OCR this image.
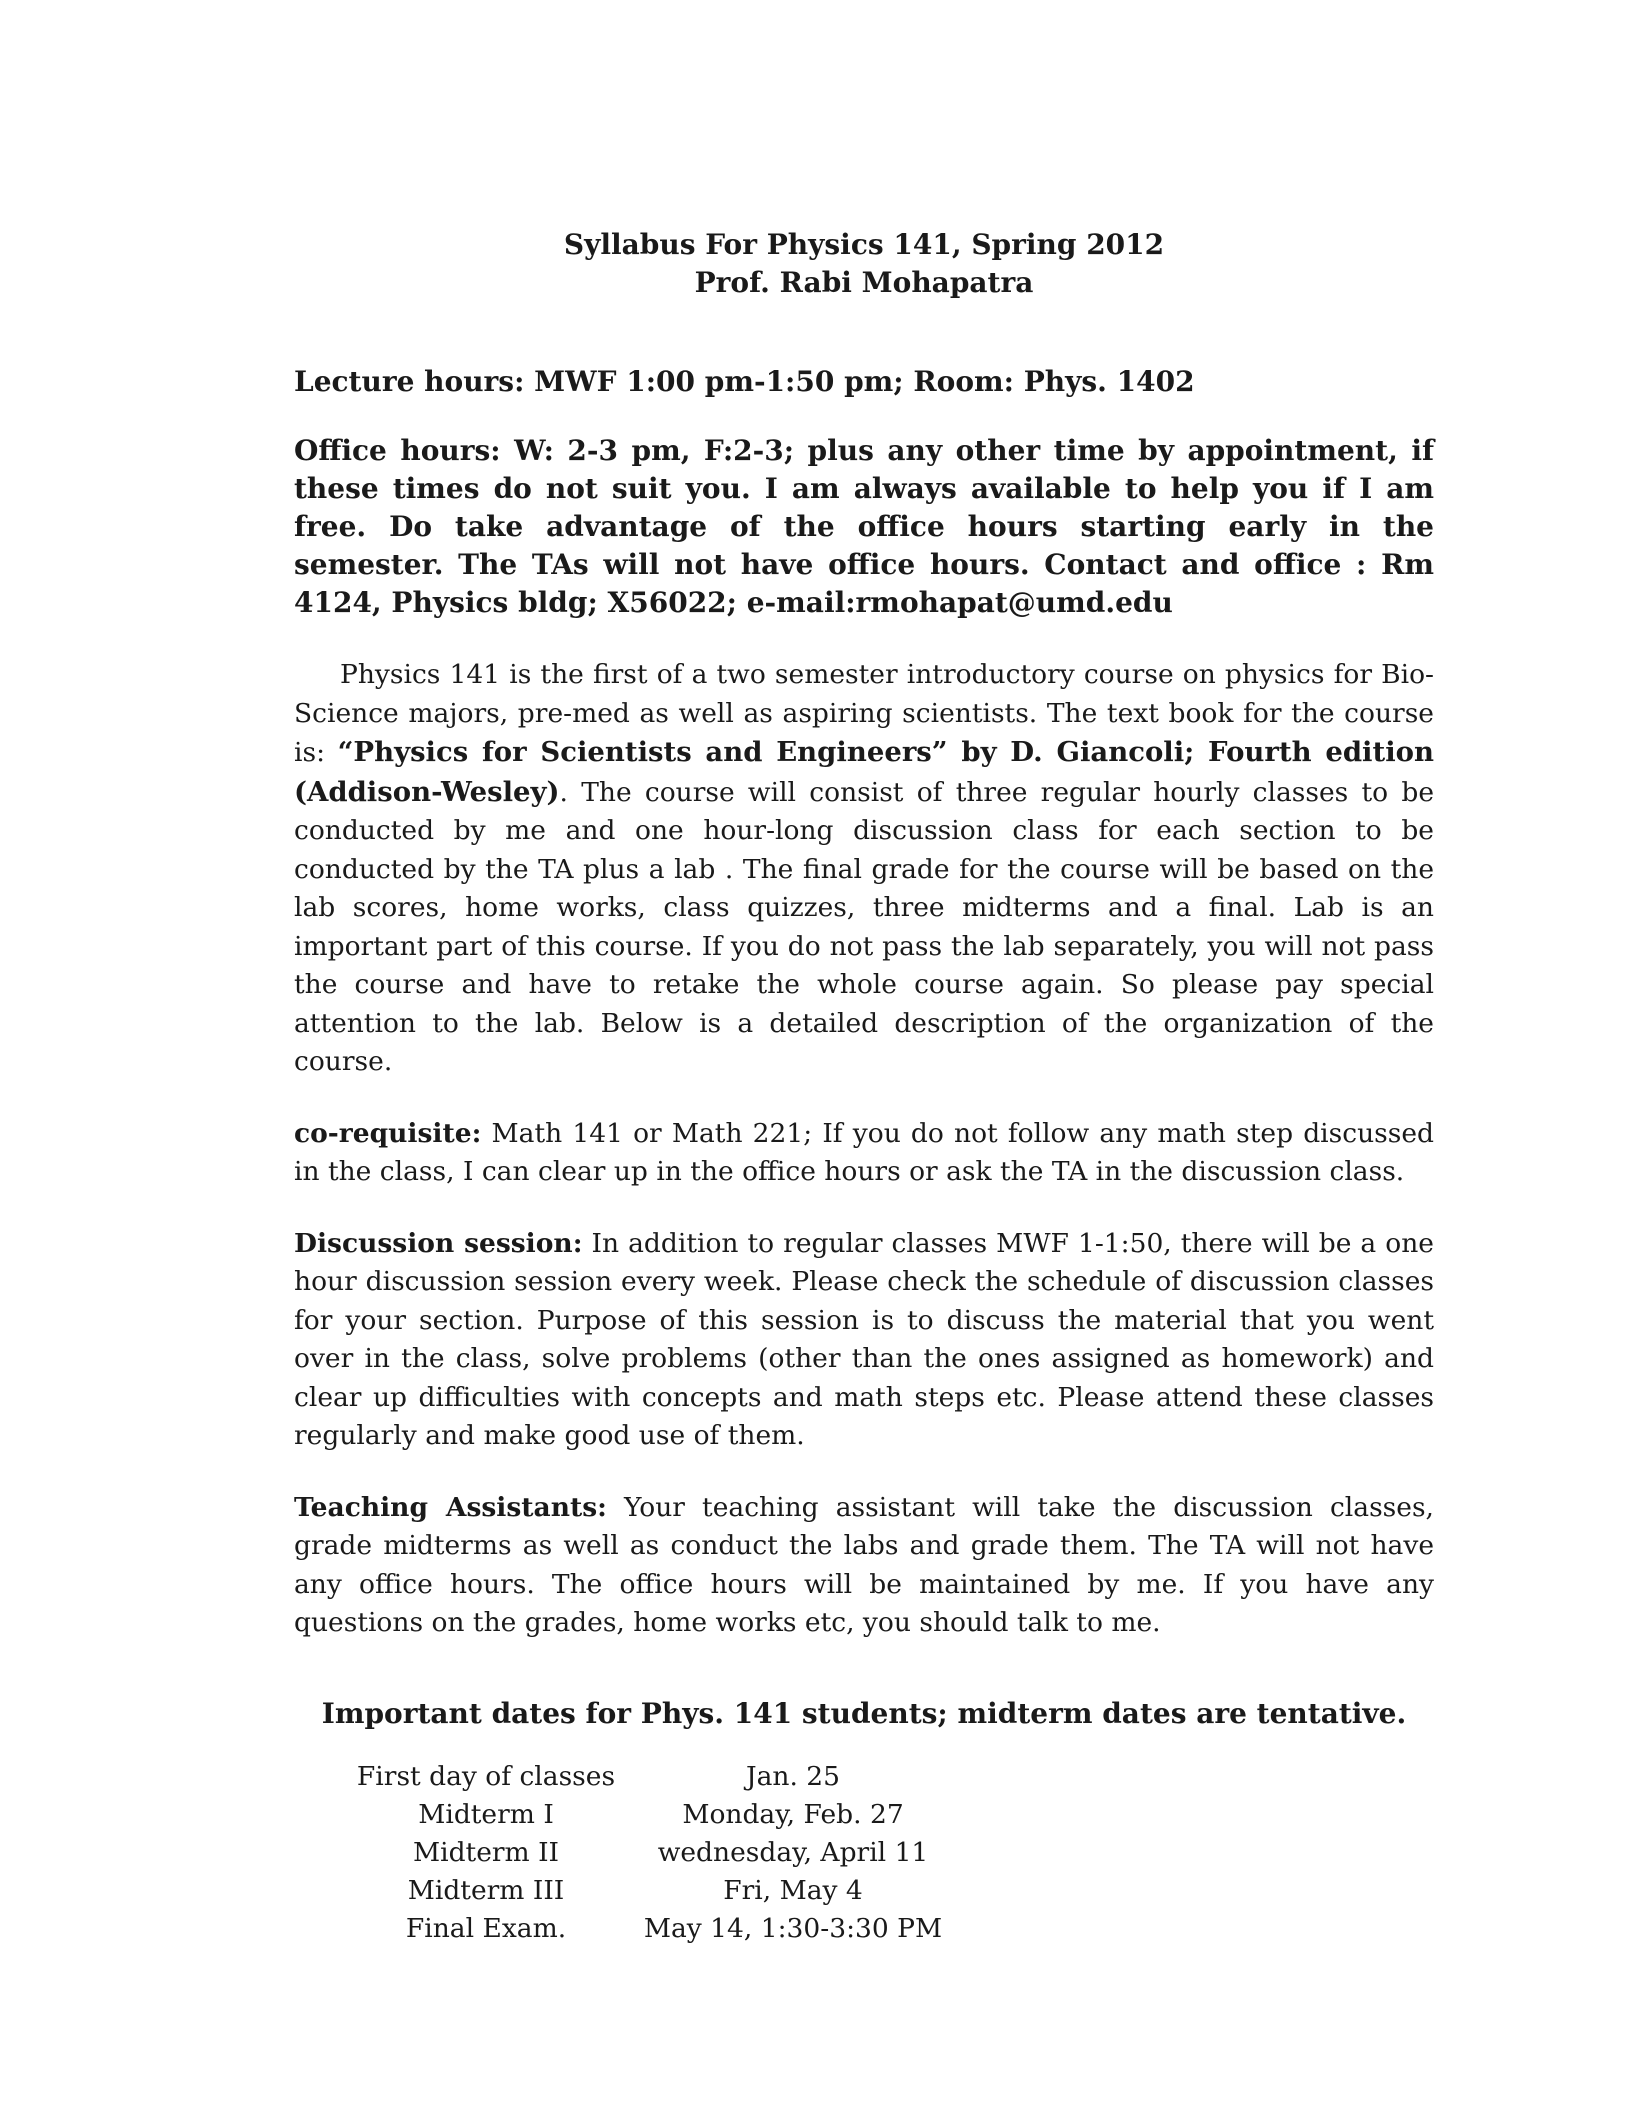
Syllabus For Physics 141, Spring 2012
Prof. Rabi Mohapatra
Lecture hours: MWF 1:00 pm-1:50 pm; Room: Phys. 1402
Office hours: W: 2-3 pm, F:2-3; plus any other time by appointment, if these times do not suit you. I am always available to help you if I am free. Do take advantage of the office hours starting early in the semester. The TAs will not have office hours. Contact and office : Rm 4124, Physics bldg; X56022; e-mail:rmohapat@umd.edu

Physics 141 is the first of a two semester introductory course on physics for Bio-Science majors, pre-med as well as aspiring scientists. The text book for the course is: “Physics for Scientists and Engineers” by D. Giancoli; Fourth edition (Addison-Wesley). The course will consist of three regular hourly classes to be conducted by me and one hour-long discussion class for each section to be conducted by the TA plus a lab . The final grade for the course will be based on the lab scores, home works, class quizzes, three midterms and a final. Lab is an important part of this course. If you do not pass the lab separately, you will not pass the course and have to retake the whole course again. So please pay special attention to the lab. Below is a detailed description of the organization of the course.

co-requisite: Math 141 or Math 221; If you do not follow any math step discussed in the class, I can clear up in the office hours or ask the TA in the discussion class.

Discussion session: In addition to regular classes MWF 1-1:50, there will be a one hour discussion session every week. Please check the schedule of discussion classes for your section. Purpose of this session is to discuss the material that you went over in the class, solve problems (other than the ones assigned as homework) and clear up difficulties with concepts and math steps etc. Please attend these classes regularly and make good use of them.

Teaching Assistants: Your teaching assistant will take the discussion classes, grade midterms as well as conduct the labs and grade them. The TA will not have any office hours. The office hours will be maintained by me. If you have any questions on the grades, home works etc, you should talk to me.

Important dates for Phys. 141 students; midterm dates are tentative.
First day of classes		Jan. 25
Midterm I		Monday, Feb. 27
Midterm II		wednesday, April 11
Midterm III		Fri, May 4
Final Exam.		May 14, 1:30-3:30 PM
